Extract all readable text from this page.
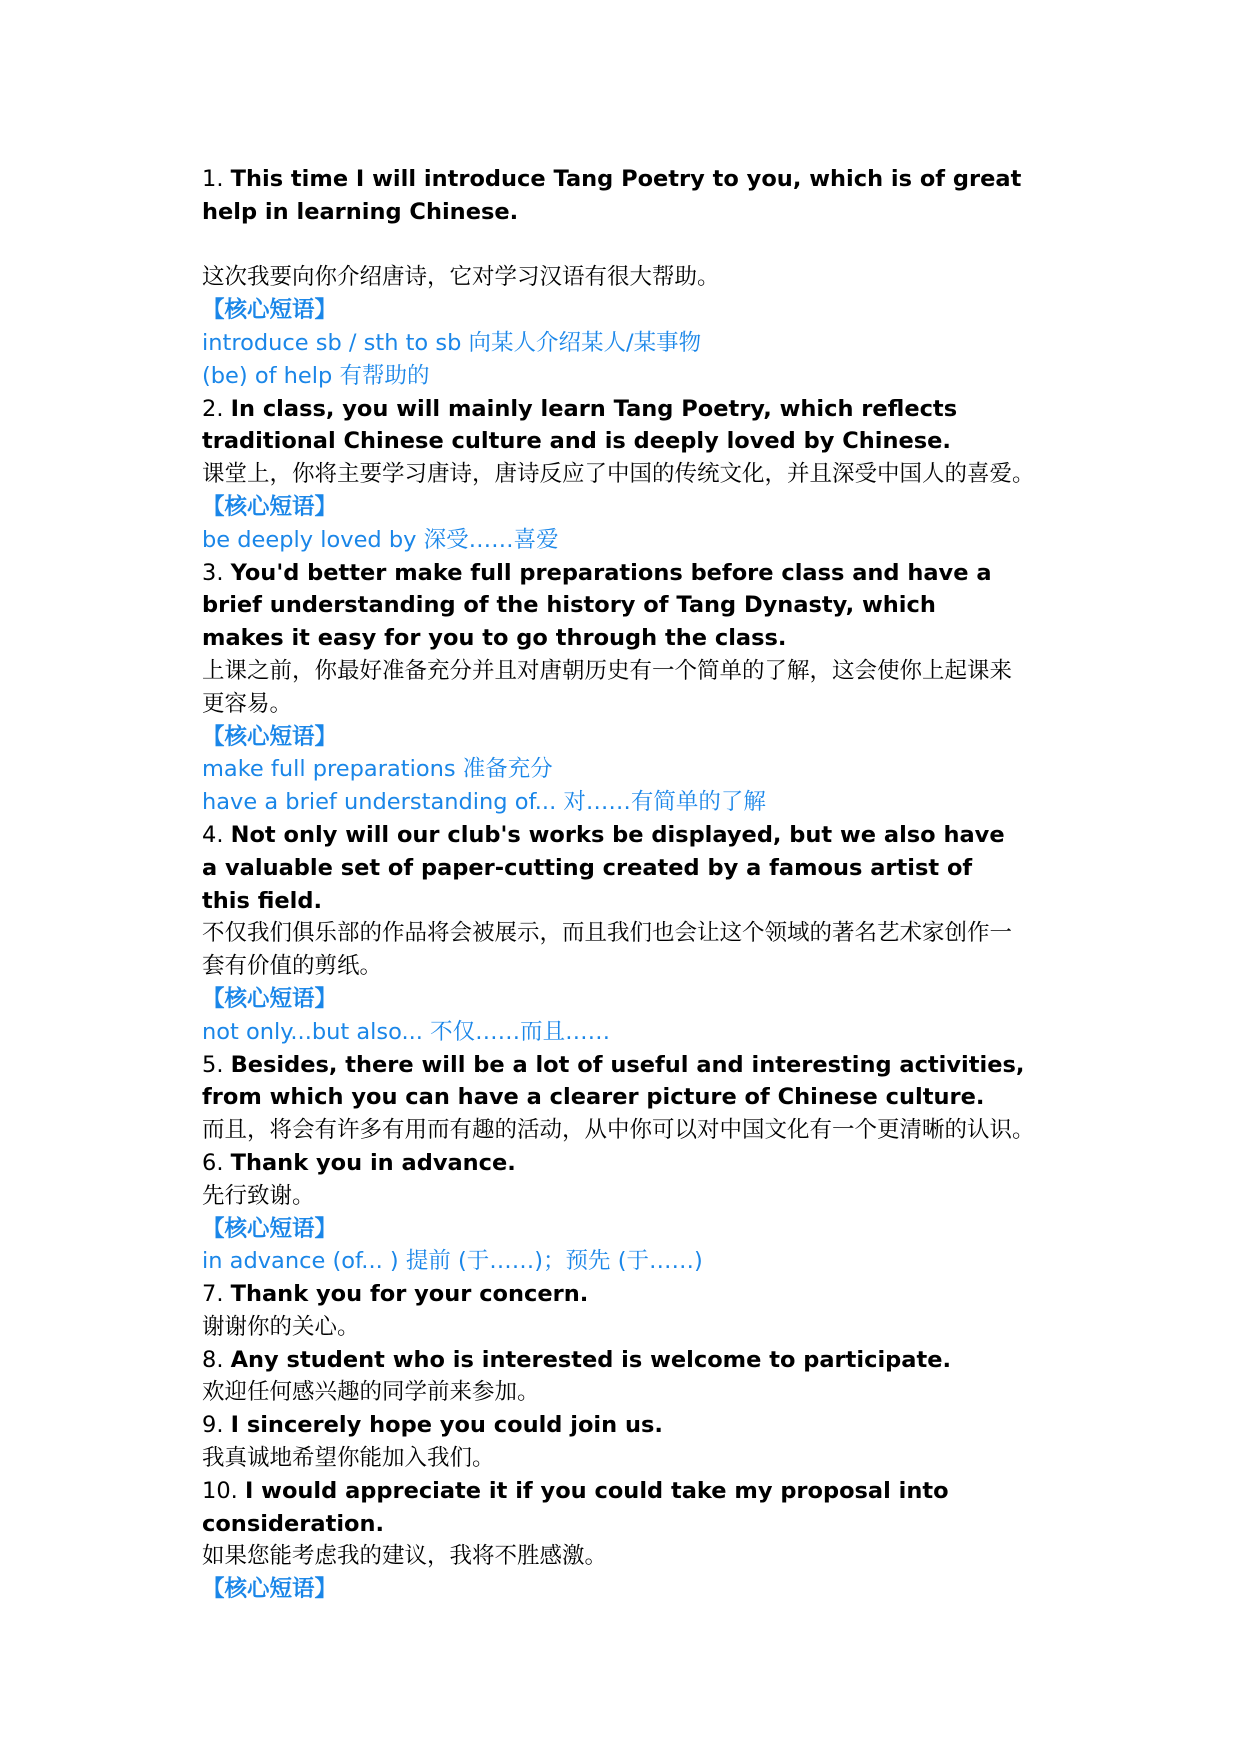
1. This time I will introduce Tang Poetry to you, which is of great
help in learning Chinese.
这次我要向你介绍唐诗，它对学习汉语有很大帮助。
【核心短语】
introduce sb / sth to sb 向某人介绍某人/某事物
(be) of help 有帮助的
2. In class, you will mainly learn Tang Poetry, which reflects
traditional Chinese culture and is deeply loved by Chinese.
课堂上，你将主要学习唐诗，唐诗反应了中国的传统文化，并且深受中国人的喜爱。
【核心短语】
be deeply loved by 深受……喜爱
3. You'd better make full preparations before class and have a
brief understanding of the history of Tang Dynasty, which
makes it easy for you to go through the class.
上课之前，你最好准备充分并且对唐朝历史有一个简单的了解，这会使你上起课来
更容易。
【核心短语】
make full preparations 准备充分
have a brief understanding of... 对……有简单的了解
4. Not only will our club's works be displayed, but we also have
a valuable set of paper-cutting created by a famous artist of
this field.
不仅我们俱乐部的作品将会被展示，而且我们也会让这个领域的著名艺术家创作一
套有价值的剪纸。
【核心短语】
not only...but also... 不仅……而且……
5. Besides, there will be a lot of useful and interesting activities,
from which you can have a clearer picture of Chinese culture.
而且，将会有许多有用而有趣的活动，从中你可以对中国文化有一个更清晰的认识。
6. Thank you in advance.
先行致谢。
【核心短语】
in advance (of... ) 提前 (于……)；预先 (于……)
7. Thank you for your concern.
谢谢你的关心。
8. Any student who is interested is welcome to participate.
欢迎任何感兴趣的同学前来参加。
9. I sincerely hope you could join us.
我真诚地希望你能加入我们。
10. I would appreciate it if you could take my proposal into
consideration.
如果您能考虑我的建议，我将不胜感激。
【核心短语】
